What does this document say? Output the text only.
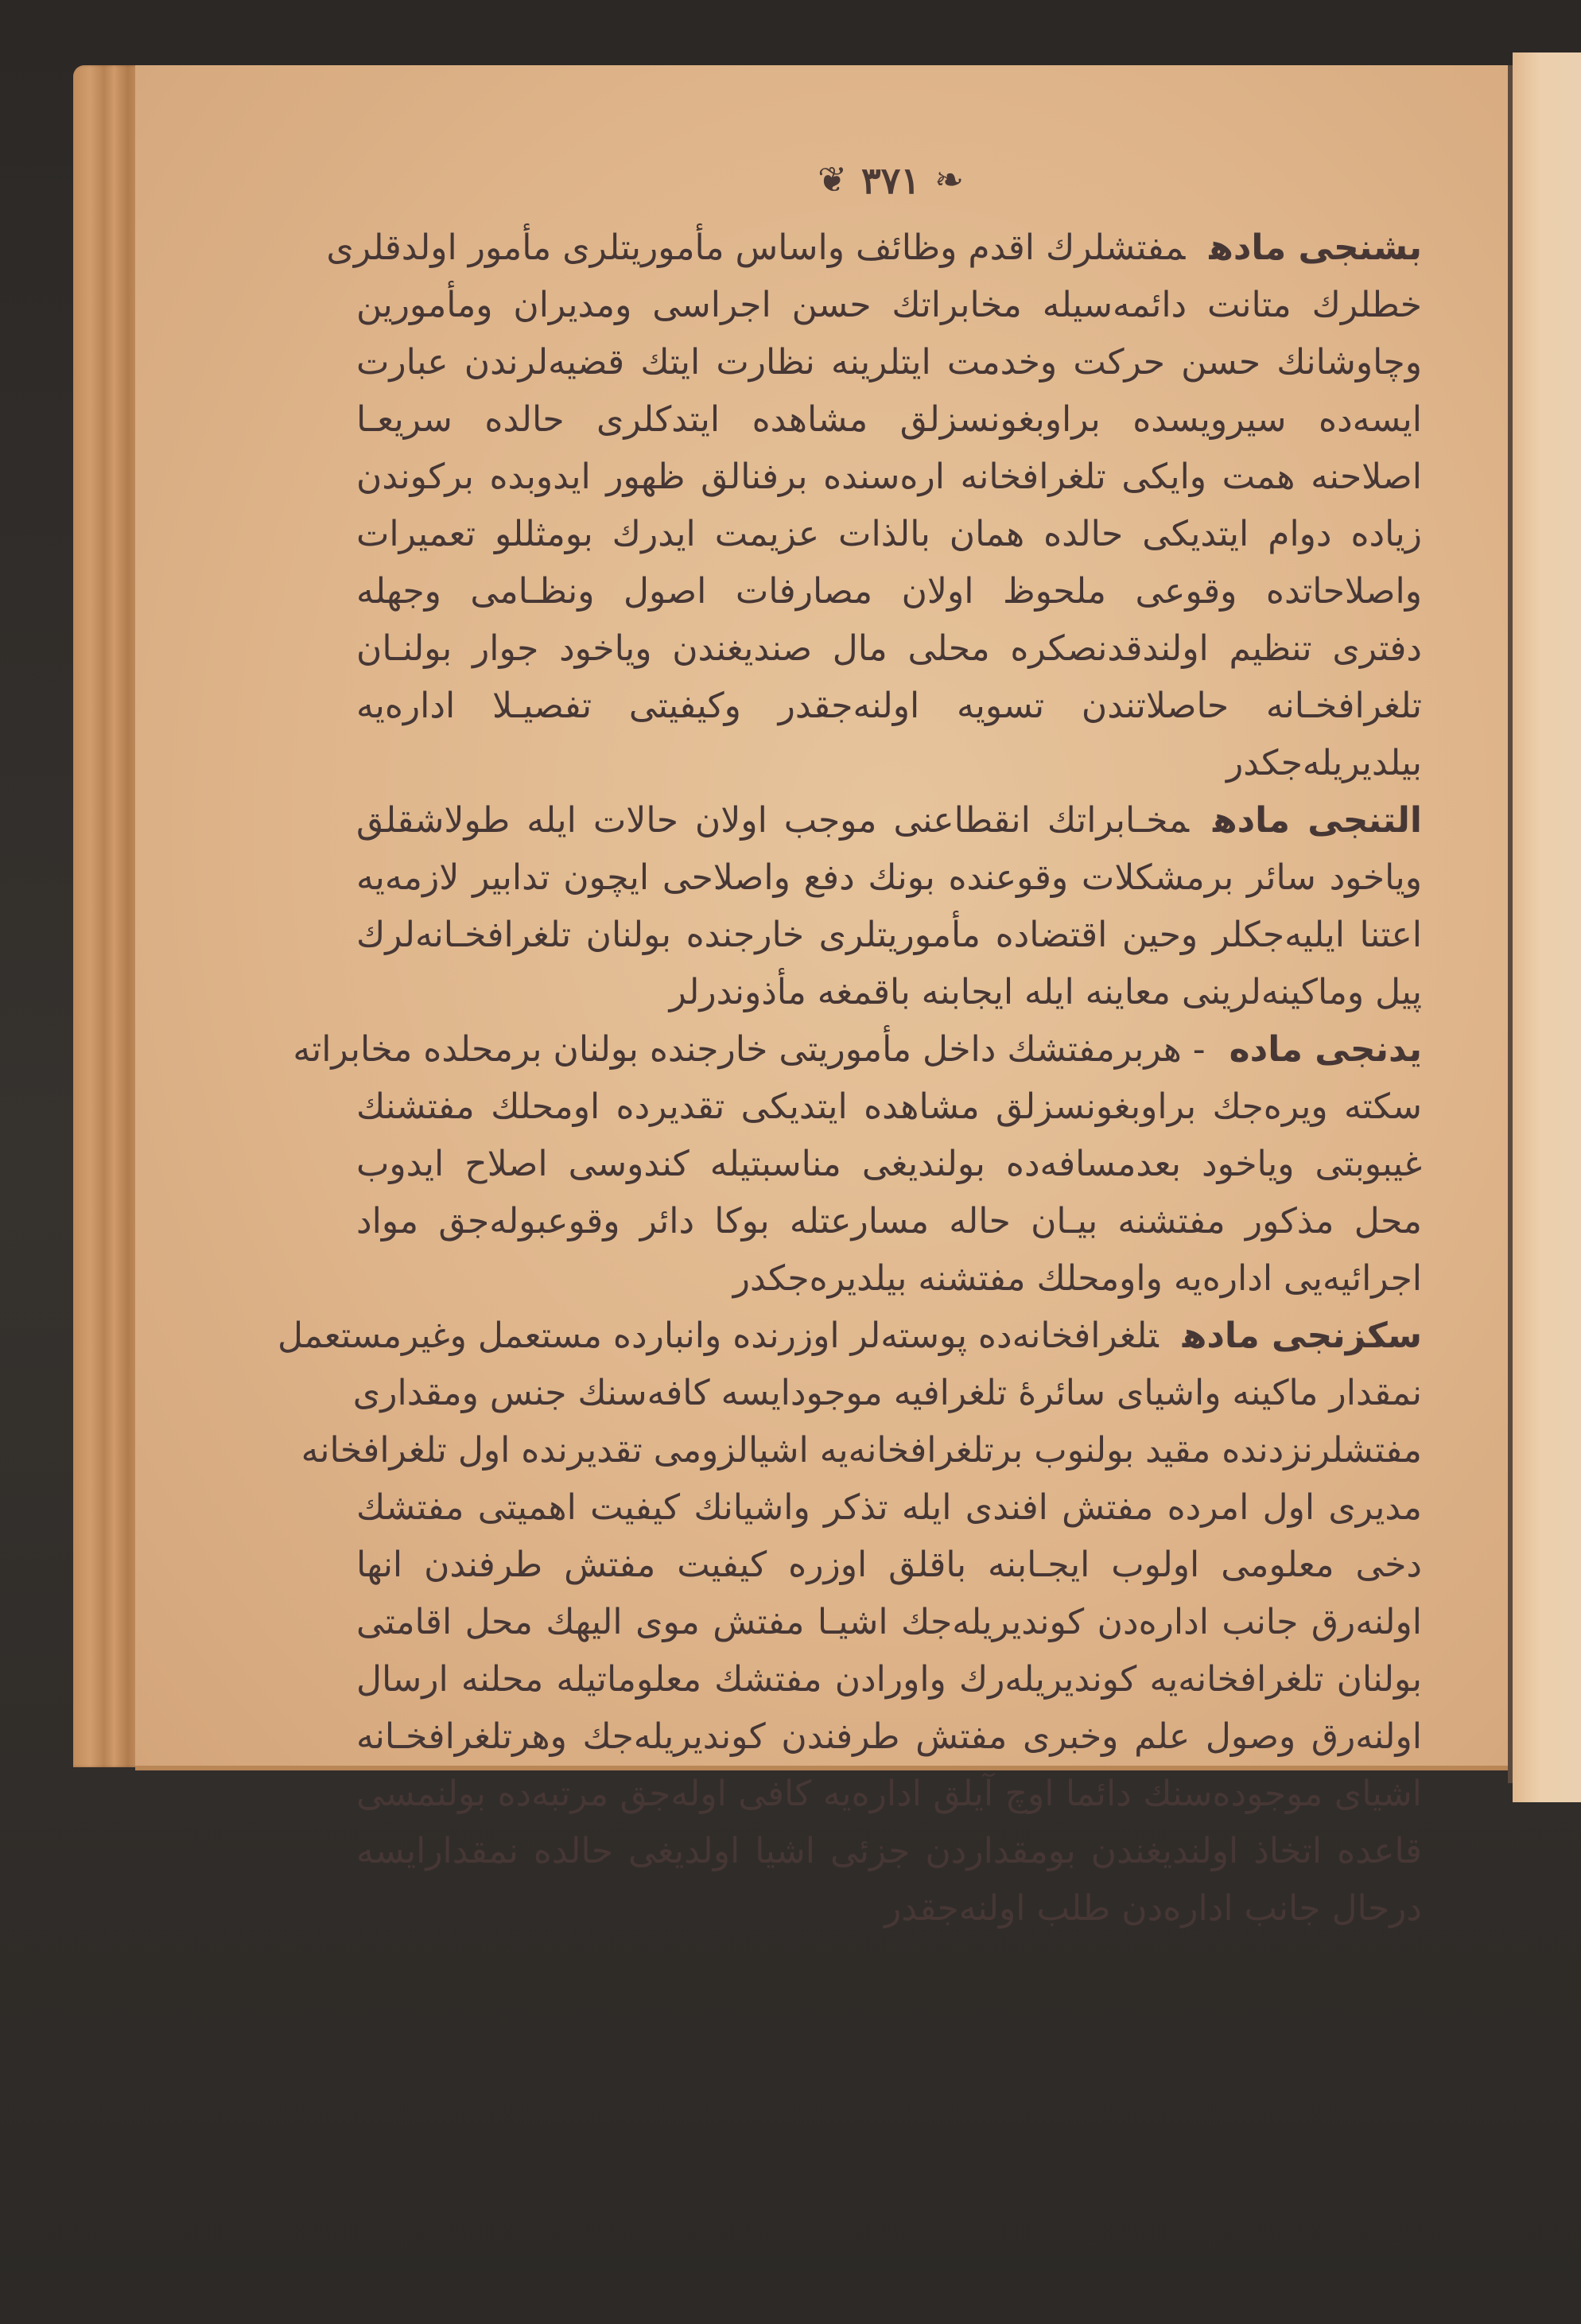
❦ ٣٧١ ❧
بشنجی مادهمفتشلرك اقدم وظائف واساس مأموريتلری مأمور اولدقلری
خطلرك متانت دائمه‌سيله مخابراتك حسن اجراسی ومديران ومأمورين
وچاوشانك حسن حركت وخدمت ايتلرينه نظارت ايتك قضيه‌لرندن عبارت
ايسه‌ده سيرويسده براوبغونسزلق مشاهده ايتدكلری حالده سريعـا
اصلاحنه همت وايكی تلغرافخانه اره‌سنده برفنالق ظهور ايدوبده بركوندن
زياده دوام ايتديكی حالده همان بالذات عزيمت ايدرك بومثللو تعميرات
واصلاحاتده وقوعی ملحوظ اولان مصارفات اصول ونظـامی وجهله
دفتری تنظيم اولندقدنصكره محلی مال صندیغندن وياخود جوار بولنـان
تلغرافخـانه حاصلاتندن تسويه اولنه‌جقدر وكيفيتی تفصيـلا اداره‌يه
بيلديريله‌جكدر
التنجی مادهمخـابراتك انقطاعنی موجب اولان حالات ايله طولاشقلق
وياخود سائر برمشكلات وقوعنده بونك دفع واصلاحی ايچون تدابير لازمه‌يه
اعتنا ايليه‌جكلر وحين اقتضاده مأموريتلری خارجنده بولنان تلغرافخـانه‌لرك
پيل وماكينه‌لرينی معاينه ايله ايجابنه باقمغه مأذوندرلر
يدنجی ماده- هربرمفتشك داخل مأموريتی خارجنده بولنان برمحلده مخابراته
سكته ويره‌جك براوبغونسزلق مشاهده ايتديكی تقديرده اومحلك مفتشنك
غيبوبتی وياخود بعدمسافه‌ده بولنديغی مناسبتيله كندوسی اصلاح ايدوب
محل مذكور مفتشنه بيـان حاله مسارعتله بوكا دائر وقوعبوله‌جق مواد
اجرائيه‌يی اداره‌يه واومحلك مفتشنه بيلديره‌جكدر
سكزنجی مادهتلغرافخانه‌ده پوسته‌لر اوزرنده وانبارده مستعمل وغيرمستعمل
نمقدار ماكينه واشيای سائرۀ تلغرافيه موجودايسه كافه‌سنك جنس ومقداری
مفتشلرنزدنده مقيد بولنوب برتلغرافخانه‌يه اشيالزومی تقديرنده اول تلغرافخانه
مديری اول امرده مفتش افندی ايله تذكر واشيانك كيفيت اهميتی مفتشك
دخی معلومی اولوب ايجـابنه باقلق اوزره كيفيت مفتش طرفندن انها
اولنه‌رق جانب اداره‌دن كونديريله‌جك اشيـا مفتش موی اليهك محل اقامتی
بولنان تلغرافخانه‌يه كونديريله‌رك واورادن مفتشك معلوماتيله محلنه ارسال
اولنه‌رق وصول علم وخبری مفتش طرفندن كونديريله‌جك وهرتلغرافخـانه
اشيای موجوده‌سنك دائما اوچ آيلق اداره‌يه كافی اوله‌جق مرتبه‌ده بولنمسی
قاعده اتخاذ اولنديغندن بومقداردن جزئی اشيا اولديغی حالده نمقدارايسه
درحال جانب اداره‌دن طلب اولنه‌جقدر
